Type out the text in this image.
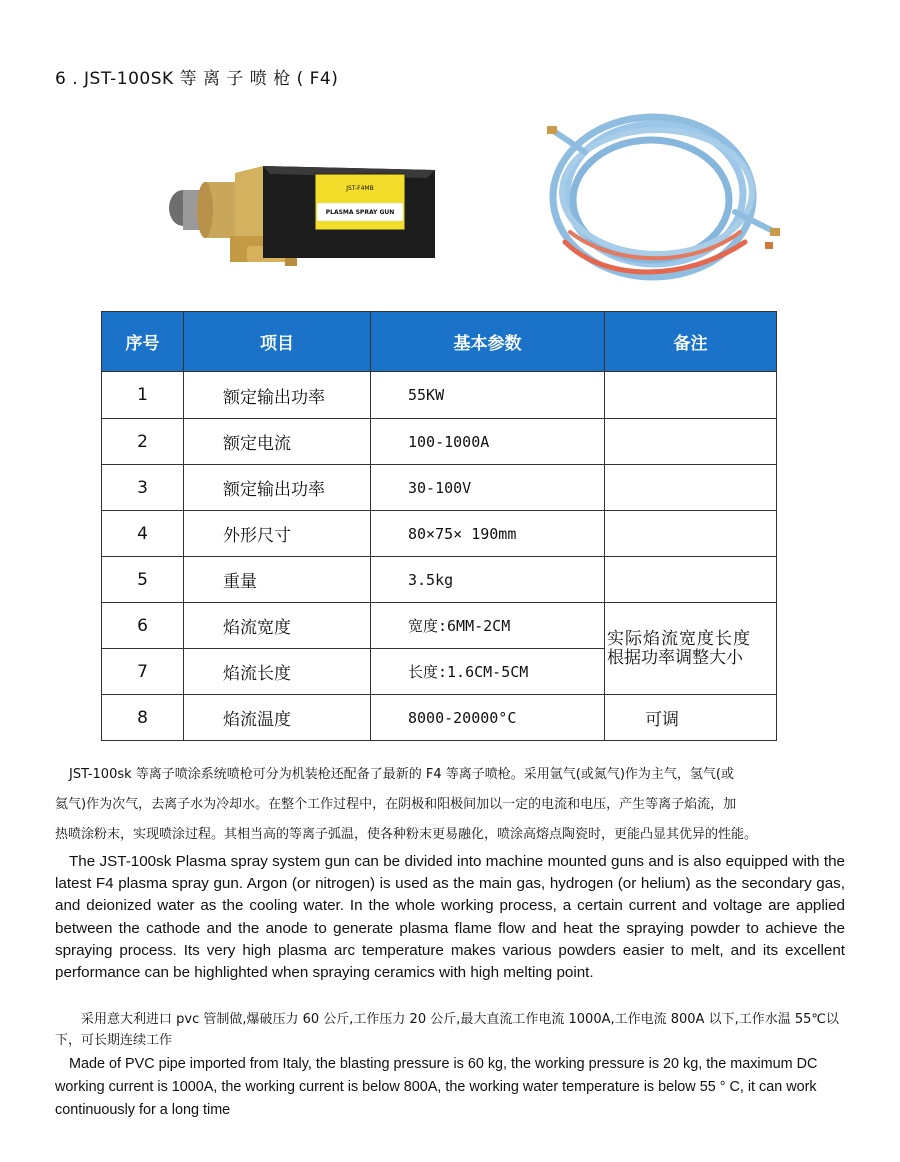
6 . JST-100SK 等 离 子 喷 枪 ( F4)
JST-F4MB
PLASMA SPRAY GUN
序号	项目	基本参数	备注
1	额定输出功率	55KW	
2	额定电流	100-1000A	
3	额定输出功率	30-100V	
4	外形尺寸	80×75× 190mm	
5	重量	3.5kg	
6	焰流宽度	宽度:6MM-2CM	实际焰流宽度长度
根据功率调整大小

7	焰流长度	长度:1.6CM-5CM	
8	焰流温度	8000-20000°C	可调

JST-100sk 等离子喷涂系统喷枪可分为机装枪还配备了最新的 F4 等离子喷枪。采用氩气(或氮气)作为主气，氢气(或

氦气)作为次气，去离子水为冷却水。在整个工作过程中，在阴极和阳极间加以一定的电流和电压，产生等离子焰流，加

热喷涂粉末，实现喷涂过程。其相当高的等离子弧温，使各种粉末更易融化，喷涂高熔点陶瓷时，更能凸显其优异的性能。

The JST-100sk Plasma spray system gun can be divided into machine mounted guns and is also equipped with the latest F4 plasma spray gun. Argon (or nitrogen) is used as the main gas, hydrogen (or helium) as the secondary gas, and deionized water as the cooling water. In the whole working process, a certain current and voltage are applied between the cathode and the anode to generate plasma flame flow and heat the spraying powder to achieve the spraying process. Its very high plasma arc temperature makes various powders easier to melt, and its excellent performance can be highlighted when spraying ceramics with high melting point.
采用意大利进口 pvc 管制做,爆破压力 60 公斤,工作压力 20 公斤,最大直流工作电流 1000A,工作电流 800A 以下,工作水温 55℃以下，可长期连续工作
Made of PVC pipe imported from Italy, the blasting pressure is 60 kg, the working pressure is 20 kg, the maximum DC working current is 1000A, the working current is below 800A, the working water temperature is below 55 ° C, it can work continuously for a long time
